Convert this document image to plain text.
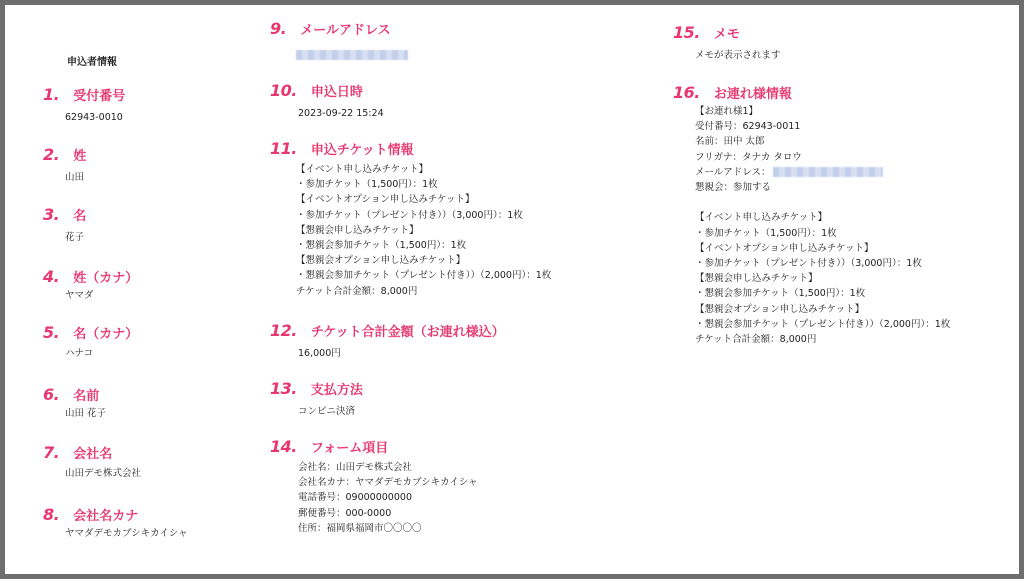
申込者情報
1. 受付番号
62943-0010
2. 姓
山田
3. 名
花子
4. 姓（カナ）
ヤマダ
5. 名（カナ）
ハナコ
6. 名前
山田 花子
7. 会社名
山田デモ株式会社
8. 会社名カナ
ヤマダデモカブシキカイシャ
9. メールアドレス
10. 申込日時
2023-09-22 15:24
11. 申込チケット情報
【イベント申し込みチケット】
・参加チケット（1,500円）：1枚
【イベントオプション申し込みチケット】
・参加チケット（プレゼント付き））（3,000円）：1枚
【懇親会申し込みチケット】
・懇親会参加チケット（1,500円）：1枚
【懇親会オプション申し込みチケット】
・懇親会参加チケット（プレゼント付き））（2,000円）：1枚
チケット合計金額：8,000円
12. チケット合計金額（お連れ様込）
16,000円
13. 支払方法
コンビニ決済
14. フォーム項目
会社名：山田デモ株式会社
会社名カナ：ヤマダデモカブシキカイシャ
電話番号：09000000000
郵便番号：000-0000
住所：福岡県福岡市〇〇〇〇
15. メモ
メモが表示されます
16. お連れ様情報
【お連れ様1】
受付番号：62943-0011
名前：田中 太郎
フリガナ：タナカ タロウ
メールアドレス：
懇親会：参加する

【イベント申し込みチケット】
・参加チケット（1,500円）：1枚
【イベントオプション申し込みチケット】
・参加チケット（プレゼント付き））（3,000円）：1枚
【懇親会申し込みチケット】
・懇親会参加チケット（1,500円）：1枚
【懇親会オプション申し込みチケット】
・懇親会参加チケット（プレゼント付き））（2,000円）：1枚
チケット合計金額：8,000円
